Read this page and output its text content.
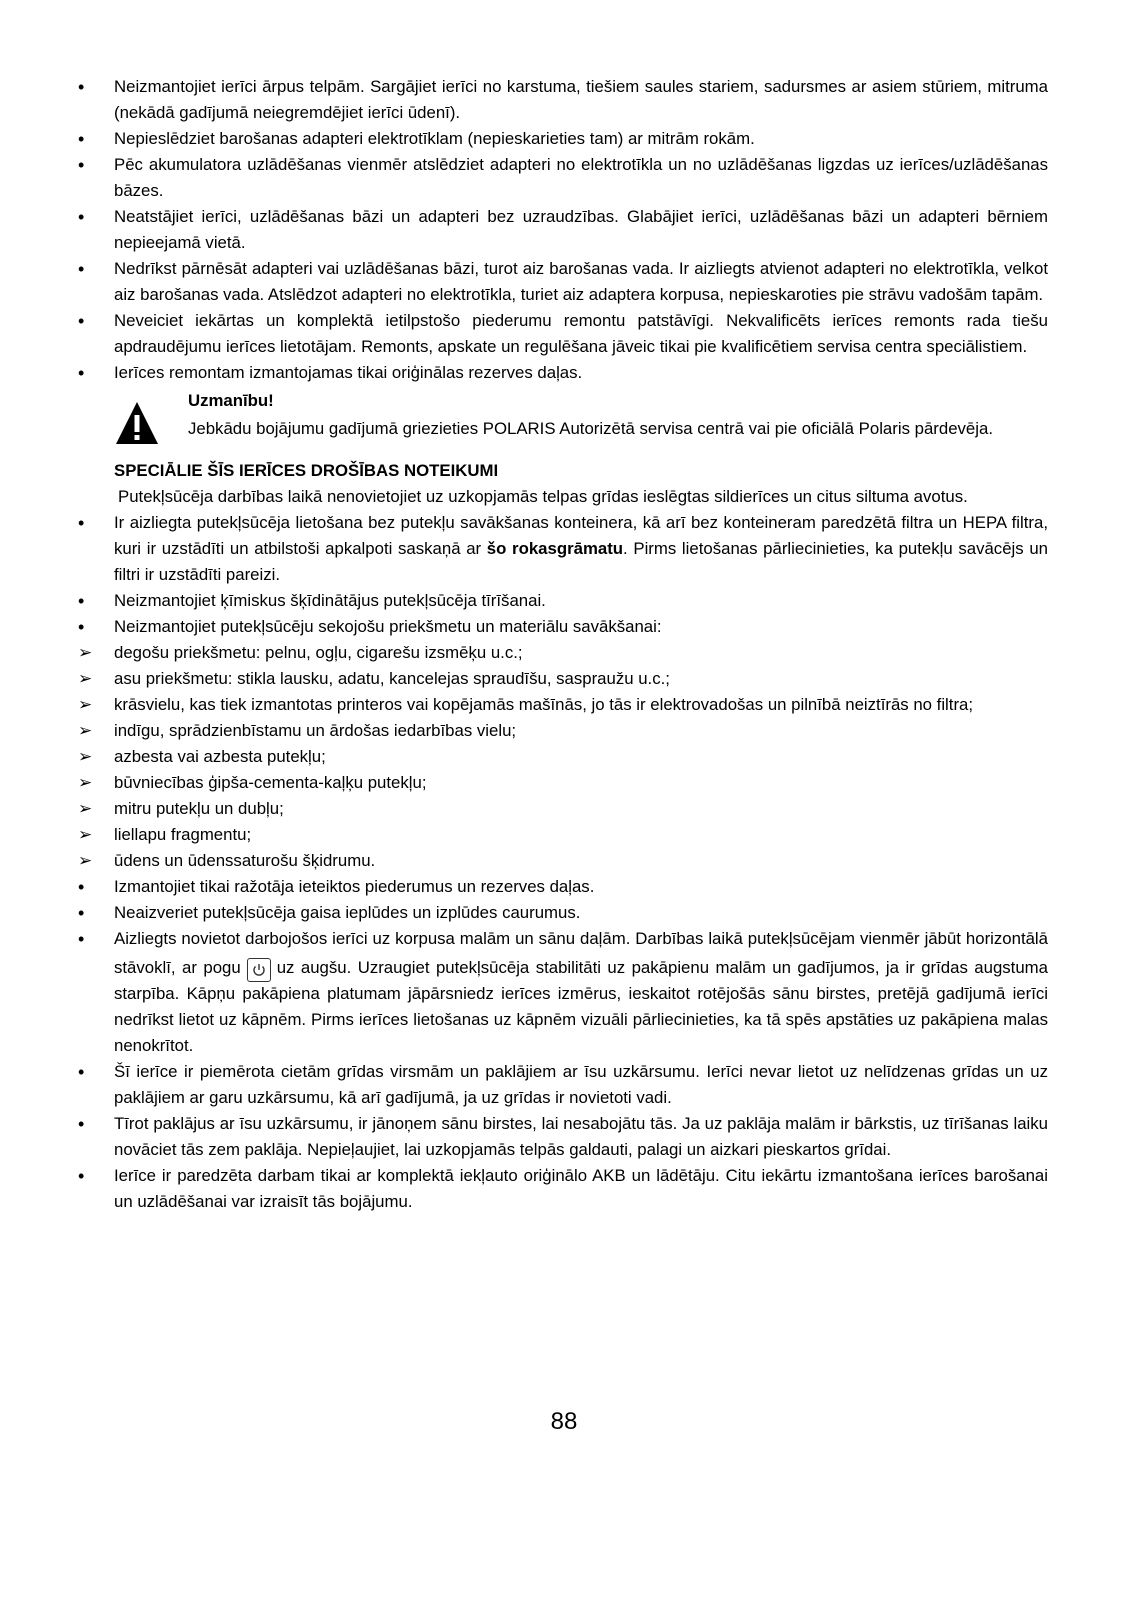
•
Neizmantojiet ierīci ārpus telpām. Sargājiet ierīci no karstuma, tiešiem saules stariem, sadursmes ar asiem stūriem, mitruma (nekādā gadījumā neiegremdējiet ierīci ūdenī).
•
Nepieslēdziet barošanas adapteri elektrotīklam (nepieskarieties tam) ar mitrām rokām.
•
Pēc akumulatora uzlādēšanas vienmēr atslēdziet adapteri no elektrotīkla un no uzlādēšanas ligzdas uz ierīces/uzlādēšanas bāzes.
•
Neatstājiet ierīci, uzlādēšanas bāzi un adapteri bez uzraudzības. Glabājiet ierīci, uzlādēšanas bāzi un adapteri bērniem nepieejamā vietā.
•
Nedrīkst pārnēsāt adapteri vai uzlādēšanas bāzi, turot aiz barošanas vada. Ir aizliegts atvienot adapteri no elektrotīkla, velkot aiz barošanas vada. Atslēdzot adapteri no elektrotīkla, turiet aiz adaptera korpusa, nepieskaroties pie strāvu vadošām tapām.
•
Neveiciet iekārtas un komplektā ietilpstošo piederumu remontu patstāvīgi. Nekvalificēts ierīces remonts rada tiešu apdraudējumu ierīces lietotājam. Remonts, apskate un regulēšana jāveic tikai pie kvalificētiem servisa centra speciālistiem.
•
Ierīces remontam izmantojamas tikai oriģinālas rezerves daļas.
Uzmanību!
Jebkādu bojājumu gadījumā griezieties POLARIS Autorizētā servisa centrā vai pie oficiālā Polaris pārdevēja.
SPECIĀLIE ŠĪS IERĪCES DROŠĪBAS NOTEIKUMI
Putekļsūcēja darbības laikā nenovietojiet uz uzkopjamās telpas grīdas ieslēgtas sildierīces un citus siltuma avotus.
•
Ir aizliegta putekļsūcēja lietošana bez putekļu savākšanas konteinera, kā arī bez konteineram paredzētā filtra un HEPA filtra, kuri ir uzstādīti un atbilstoši apkalpoti saskaņā ar šo rokasgrāmatu. Pirms lietošanas pārliecinieties, ka putekļu savācējs un filtri ir uzstādīti pareizi.
•
Neizmantojiet ķīmiskus šķīdinātājus putekļsūcēja tīrīšanai.
•
Neizmantojiet putekļsūcēju sekojošu priekšmetu un materiālu savākšanai:
➢
degošu priekšmetu: pelnu, ogļu, cigarešu izsmēķu u.c.;
➢
asu priekšmetu: stikla lausku, adatu, kancelejas spraudīšu, saspraužu u.c.;
➢
krāsvielu, kas tiek izmantotas printeros vai kopējamās mašīnās, jo tās ir elektrovadošas un pilnībā neiztīrās no filtra;
➢
indīgu, sprādzienbīstamu un ārdošas iedarbības vielu;
➢
azbesta vai azbesta putekļu;
➢
būvniecības ģipša-cementa-kaļķu putekļu;
➢
mitru putekļu un dubļu;
➢
liellapu fragmentu;
➢
ūdens un ūdenssaturošu šķidrumu.
•
Izmantojiet tikai ražotāja ieteiktos piederumus un rezerves daļas.
•
Neaizveriet putekļsūcēja gaisa ieplūdes un izplūdes caurumus.
•
Aizliegts novietot darbojošos ierīci uz korpusa malām un sānu daļām. Darbības laikā putekļsūcējam vienmēr jābūt horizontālā stāvoklī, ar pogu uz augšu. Uzraugiet putekļsūcēja stabilitāti uz pakāpienu malām un gadījumos, ja ir grīdas augstuma starpība. Kāpņu pakāpiena platumam jāpārsniedz ierīces izmērus, ieskaitot rotējošās sānu birstes, pretējā gadījumā ierīci nedrīkst lietot uz kāpnēm. Pirms ierīces lietošanas uz kāpnēm vizuāli pārliecinieties, ka tā spēs apstāties uz pakāpiena malas nenokrītot.
•
Šī ierīce ir piemērota cietām grīdas virsmām un paklājiem ar īsu uzkārsumu. Ierīci nevar lietot uz nelīdzenas grīdas un uz paklājiem ar garu uzkārsumu, kā arī gadījumā, ja uz grīdas ir novietoti vadi.
•
Tīrot paklājus ar īsu uzkārsumu, ir jānoņem sānu birstes, lai nesabojātu tās. Ja uz paklāja malām ir bārkstis, uz tīrīšanas laiku novāciet tās zem paklāja. Nepieļaujiet, lai uzkopjamās telpās galdauti, palagi un aizkari pieskartos grīdai.
•
Ierīce ir paredzēta darbam tikai ar komplektā iekļauto oriģinālo AKB un lādētāju. Citu iekārtu izmantošana ierīces barošanai un uzlādēšanai var izraisīt tās bojājumu.
88
